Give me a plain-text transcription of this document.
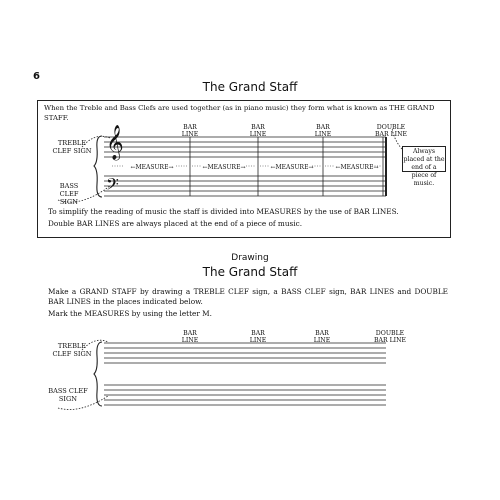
6
The Grand Staff
When the Treble and Bass Clefs are used together (as in piano music) they form what is known as THE GRAND STAFF.
BAR LINE
BAR LINE
BAR LINE
DOUBLE BAR LINE
TREBLE CLEF SIGN
BASS CLEF SIGN
Always placed at the end of a piece of music.
To simplify the reading of music the staff is divided into MEASURES by the use of BAR LINES.
Double BAR LINES are always placed at the end of a piece of music.
←MEASURE→	←MEASURE→	←MEASURE→	←MEASURE→
𝄞
𝄢
Drawing
The Grand Staff
Make a GRAND STAFF by drawing a TREBLE CLEF sign, a BASS CLEF sign, BAR LINES and DOUBLE BAR LINES in the places indicated below.
Mark the MEASURES by using the letter M.
BAR LINE
BAR LINE
BAR LINE
DOUBLE BAR LINE
TREBLE CLEF SIGN
BASS CLEF SIGN
